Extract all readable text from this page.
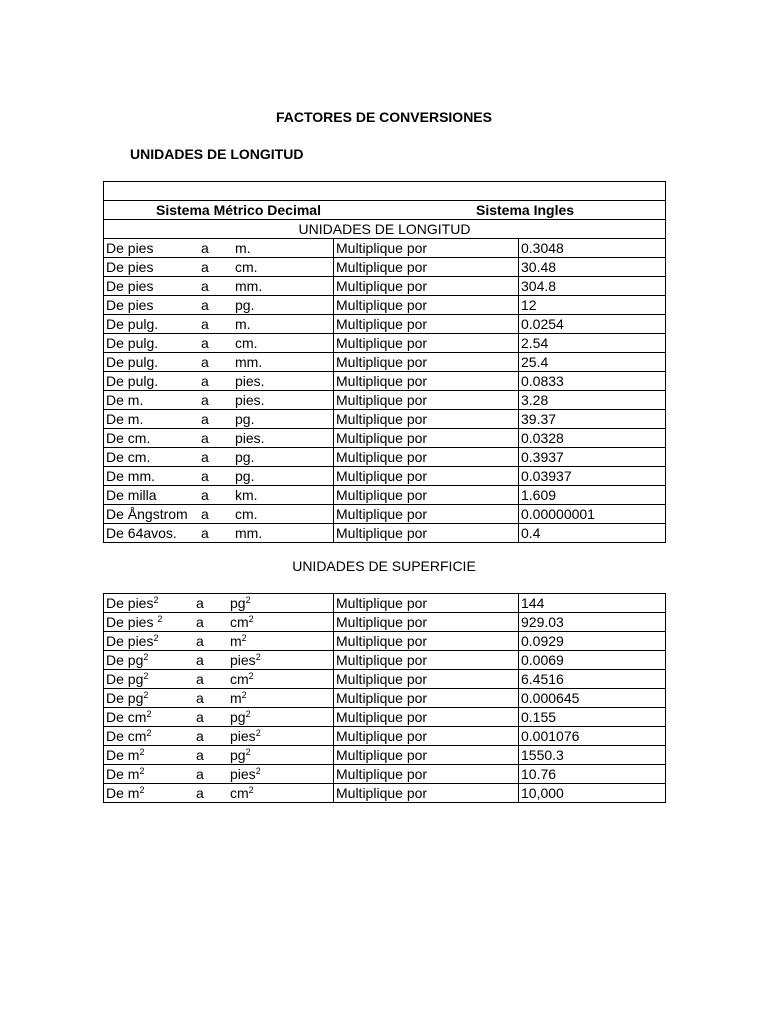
FACTORES DE CONVERSIONES
UNIDADES DE LONGITUD

Sistema Métrico Decimal Sistema Ingles		

UNIDADES DE LONGITUD		
De pies a m.	Multiplique por	0.3048
De pies a cm.	Multiplique por	30.48
De pies a mm.	Multiplique por	304.8
De pies a pg.	Multiplique por	12
De pulg. a m.	Multiplique por	0.0254
De pulg. a cm.	Multiplique por	2.54
De pulg. a mm.	Multiplique por	25.4
De pulg. a pies.	Multiplique por	0.0833
De m. a pies.	Multiplique por	3.28
De m. a pg.	Multiplique por	39.37
De cm. a pies.	Multiplique por	0.0328
De cm. a pg.	Multiplique por	0.3937
De mm. a pg.	Multiplique por	0.03937
De milla a km.	Multiplique por	1.609
De Ångstrom a cm.	Multiplique por	0.00000001
De 64avos. a mm.	Multiplique por	0.4
UNIDADES DE SUPERFICIE
De pies$^2$ a $pg^2$	Multiplique por	144
De pies $^2$ a $cm^2$	Multiplique por	929.03
De pies$^2$ a $m^2$	Multiplique por	0.0929
De $pg^2$ a pies$^2$	Multiplique por	0.0069
De $pg^2$ a $cm^2$	Multiplique por	6.4516
De $pg^2$ a $m^2$	Multiplique por	0.000645
De $cm^2$ a $pg^2$	Multiplique por	0.155
De $cm^2$ a pies$^2$	Multiplique por	0.001076
De $m^2$ a $pg^2$	Multiplique por	1550.3
De $m^2$ a pies$^2$	Multiplique por	10.76
De $m^2$ a $cm^2$	Multiplique por	10,000
